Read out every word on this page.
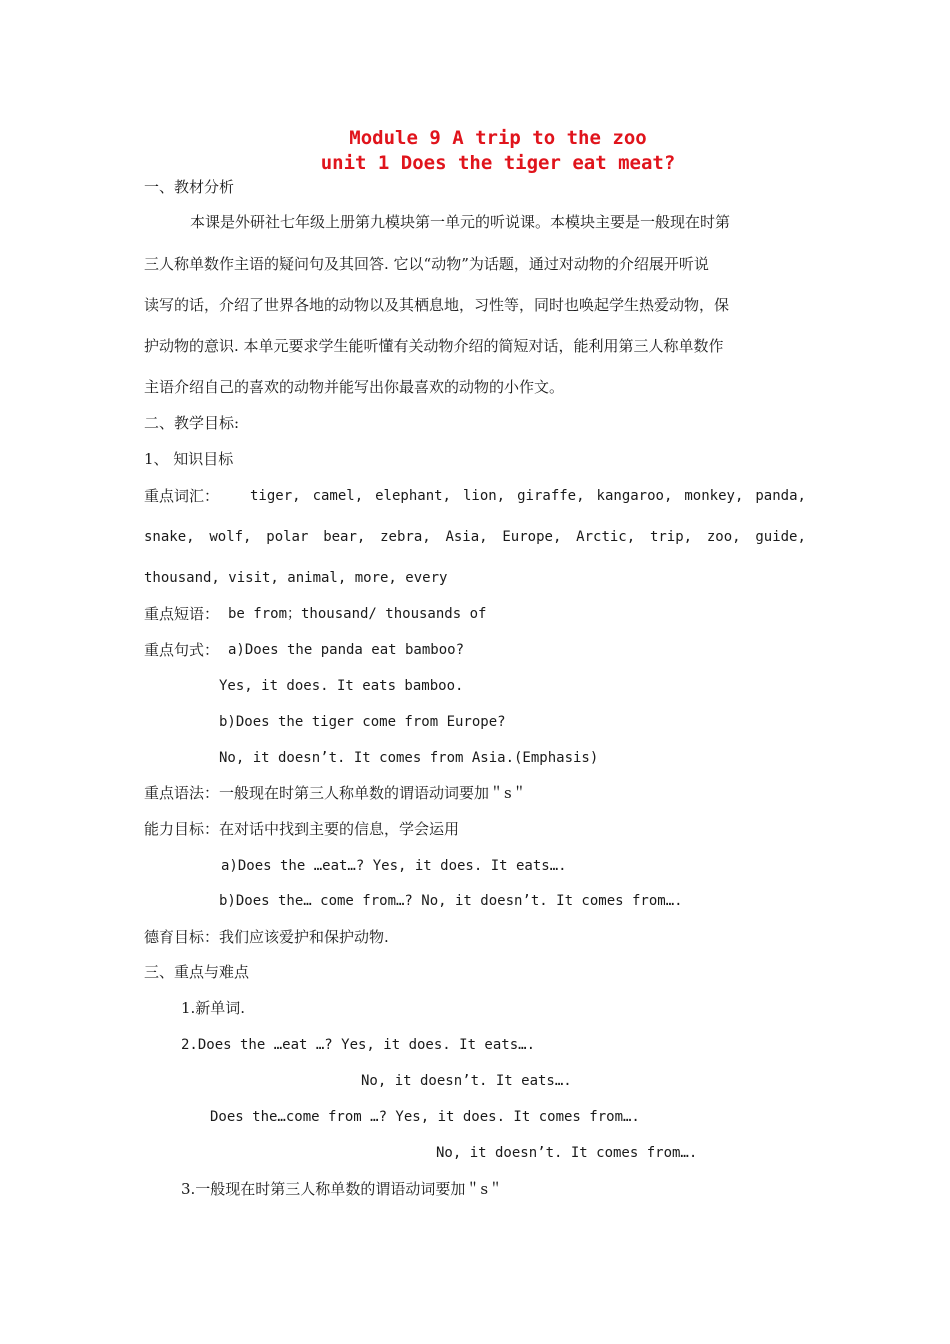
Module 9 A trip to the zoo
unit 1 Does the tiger eat meat?
一、教材分析
本课是外研社七年级上册第九模块第一单元的听说课。本模块主要是一般现在时第
三人称单数作主语的疑问句及其回答. 它以“动物”为话题，通过对动物的介绍展开听说
读写的话，介绍了世界各地的动物以及其栖息地，习性等，同时也唤起学生热爱动物，保
护动物的意识. 本单元要求学生能听懂有关动物介绍的简短对话，能利用第三人称单数作
主语介绍自己的喜欢的动物并能写出你最喜欢的动物的小作文。
二、教学目标:
1、 知识目标
重点词汇： tiger, camel, elephant, lion, giraffe, kangaroo, monkey, panda,
snake, wolf, polar bear, zebra, Asia, Europe, Arctic, trip, zoo, guide,
thousand, visit, animal, more, every
重点短语： be from；thousand/ thousands of
重点句式： a)Does the panda eat bamboo?
Yes, it does. It eats bamboo.
b)Does the tiger come from Europe?
No, it doesn’t. It comes from Asia.(Emphasis)
重点语法：一般现在时第三人称单数的谓语动词要加＂s＂
能力目标：在对话中找到主要的信息，学会运用
a)Does the …eat…? Yes, it does. It eats….
b)Does the… come from…? No, it doesn’t. It comes from….
德育目标：我们应该爱护和保护动物.
三、重点与难点
1.新单词.
2.Does the …eat …? Yes, it does. It eats….
No, it doesn’t. It eats….
Does the…come from …? Yes, it does. It comes from….
No, it doesn’t. It comes from….
3.一般现在时第三人称单数的谓语动词要加＂s＂
